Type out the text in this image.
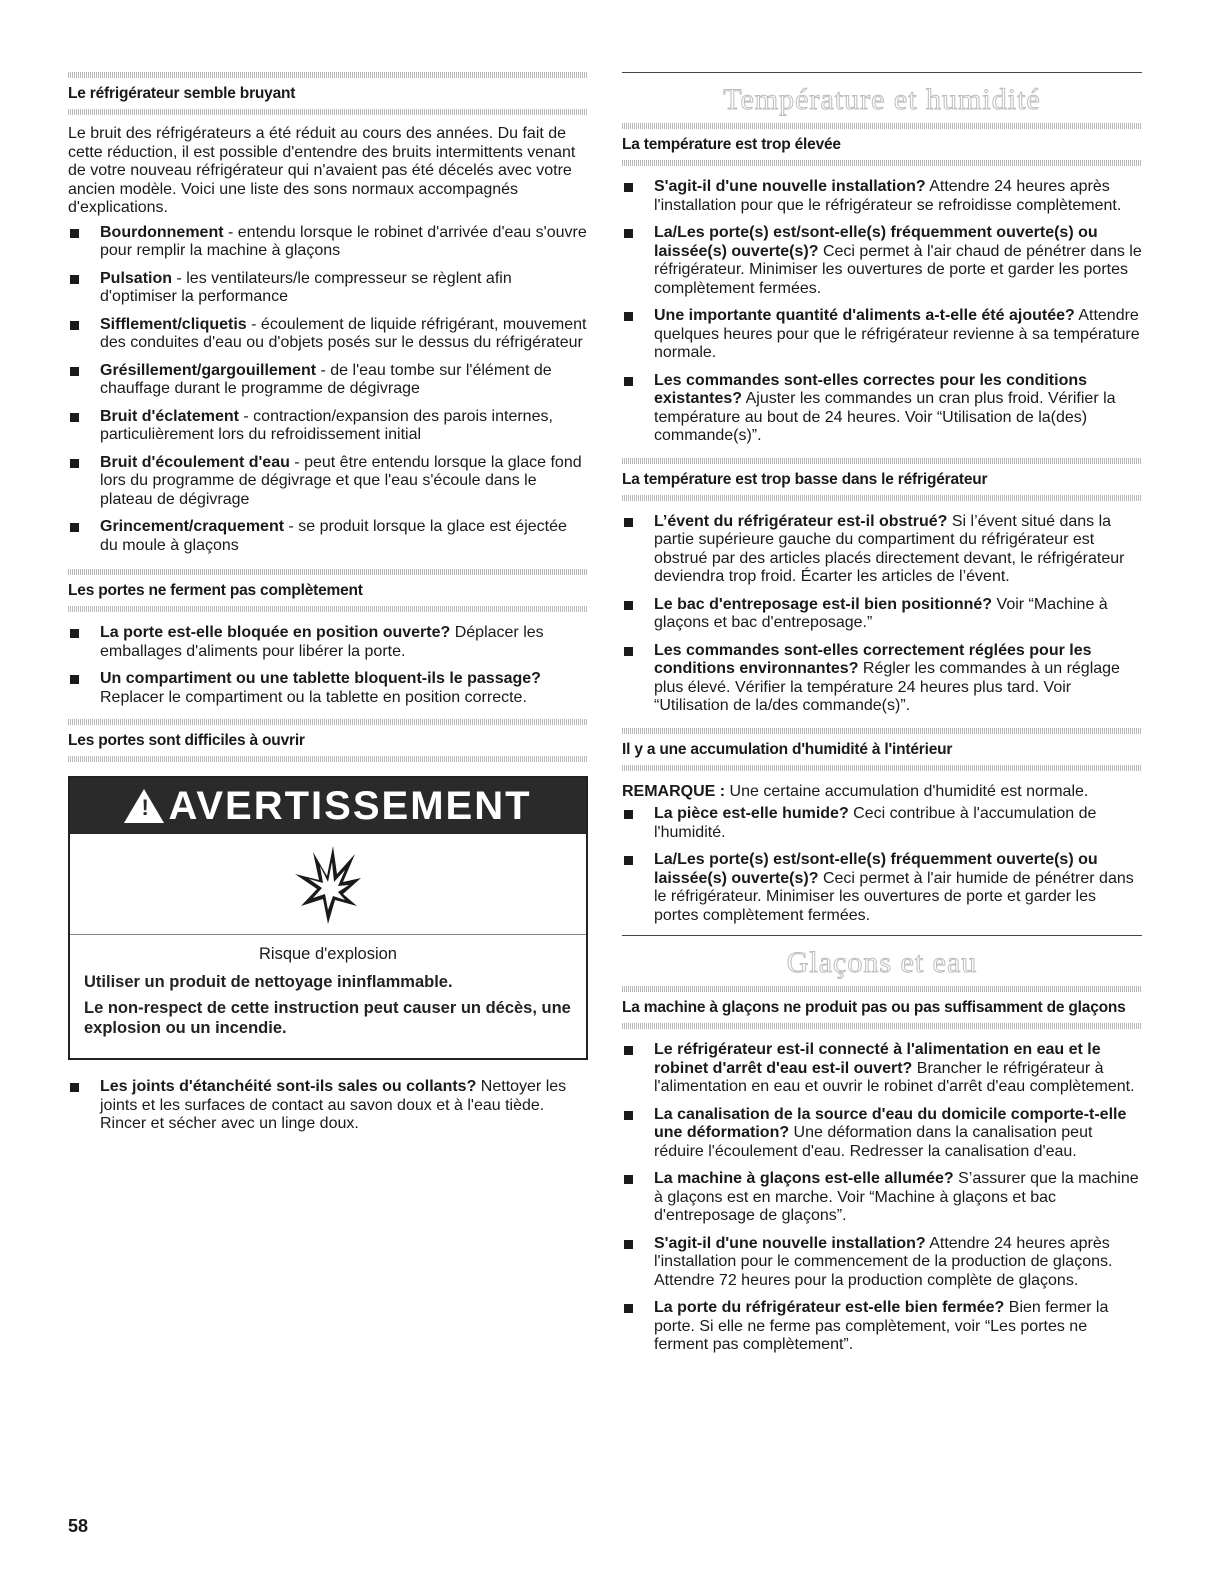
Le réfrigérateur semble bruyant
Le bruit des réfrigérateurs a été réduit au cours des années. Du fait de cette réduction, il est possible d'entendre des bruits intermittents venant de votre nouveau réfrigérateur qui n'avaient pas été décelés avec votre ancien modèle. Voici une liste des sons normaux accompagnés d'explications.
Bourdonnement - entendu lorsque le robinet d'arrivée d'eau s'ouvre pour remplir la machine à glaçons
Pulsation - les ventilateurs/le compresseur se règlent afin d'optimiser la performance
Sifflement/cliquetis - écoulement de liquide réfrigérant, mouvement des conduites d'eau ou d'objets posés sur le dessus du réfrigérateur
Grésillement/gargouillement - de l'eau tombe sur l'élément de chauffage durant le programme de dégivrage
Bruit d'éclatement - contraction/expansion des parois internes, particulièrement lors du refroidissement initial
Bruit d'écoulement d'eau - peut être entendu lorsque la glace fond lors du programme de dégivrage et que l'eau s'écoule dans le plateau de dégivrage
Grincement/craquement - se produit lorsque la glace est éjectée du moule à glaçons
Les portes ne ferment pas complètement
La porte est-elle bloquée en position ouverte? Déplacer les emballages d'aliments pour libérer la porte.
Un compartiment ou une tablette bloquent-ils le passage? Replacer le compartiment ou la tablette en position correcte.
Les portes sont difficiles à ouvrir
! AVERTISSEMENT
Risque d'explosion

Utiliser un produit de nettoyage ininflammable.

Le non-respect de cette instruction peut causer un décès, une explosion ou un incendie.

Les joints d'étanchéité sont-ils sales ou collants? Nettoyer les joints et les surfaces de contact au savon doux et à l'eau tiède. Rincer et sécher avec un linge doux.
Température et humidité
La température est trop élevée
S'agit-il d'une nouvelle installation? Attendre 24 heures après l'installation pour que le réfrigérateur se refroidisse complètement.
La/Les porte(s) est/sont-elle(s) fréquemment ouverte(s) ou laissée(s) ouverte(s)? Ceci permet à l'air chaud de pénétrer dans le réfrigérateur. Minimiser les ouvertures de porte et garder les portes complètement fermées.
Une importante quantité d'aliments a-t-elle été ajoutée? Attendre quelques heures pour que le réfrigérateur revienne à sa température normale.
Les commandes sont-elles correctes pour les conditions existantes? Ajuster les commandes un cran plus froid. Vérifier la température au bout de 24 heures. Voir “Utilisation de la(des) commande(s)”.
La température est trop basse dans le réfrigérateur
L’évent du réfrigérateur est-il obstrué? Si l’évent situé dans la partie supérieure gauche du compartiment du réfrigérateur est obstrué par des articles placés directement devant, le réfrigérateur deviendra trop froid. Écarter les articles de l’évent.
Le bac d'entreposage est-il bien positionné? Voir “Machine à glaçons et bac d'entreposage.”
Les commandes sont-elles correctement réglées pour les conditions environnantes? Régler les commandes à un réglage plus élevé. Vérifier la température 24 heures plus tard. Voir “Utilisation de la/des commande(s)”.
Il y a une accumulation d'humidité à l'intérieur
REMARQUE : Une certaine accumulation d'humidité est normale.
La pièce est-elle humide? Ceci contribue à l'accumulation de l'humidité.
La/Les porte(s) est/sont-elle(s) fréquemment ouverte(s) ou laissée(s) ouverte(s)? Ceci permet à l'air humide de pénétrer dans le réfrigérateur. Minimiser les ouvertures de porte et garder les portes complètement fermées.
Glaçons et eau
La machine à glaçons ne produit pas ou pas suffisamment de glaçons
Le réfrigérateur est-il connecté à l'alimentation en eau et le robinet d'arrêt d'eau est-il ouvert? Brancher le réfrigérateur à l'alimentation en eau et ouvrir le robinet d'arrêt d'eau complètement.
La canalisation de la source d'eau du domicile comporte-t-elle une déformation? Une déformation dans la canalisation peut réduire l'écoulement d'eau. Redresser la canalisation d'eau.
La machine à glaçons est-elle allumée? S’assurer que la machine à glaçons est en marche. Voir “Machine à glaçons et bac d'entreposage de glaçons”.
S'agit-il d'une nouvelle installation? Attendre 24 heures après l'installation pour le commencement de la production de glaçons. Attendre 72 heures pour la production complète de glaçons.
La porte du réfrigérateur est-elle bien fermée? Bien fermer la porte. Si elle ne ferme pas complètement, voir “Les portes ne ferment pas complètement”.
58
